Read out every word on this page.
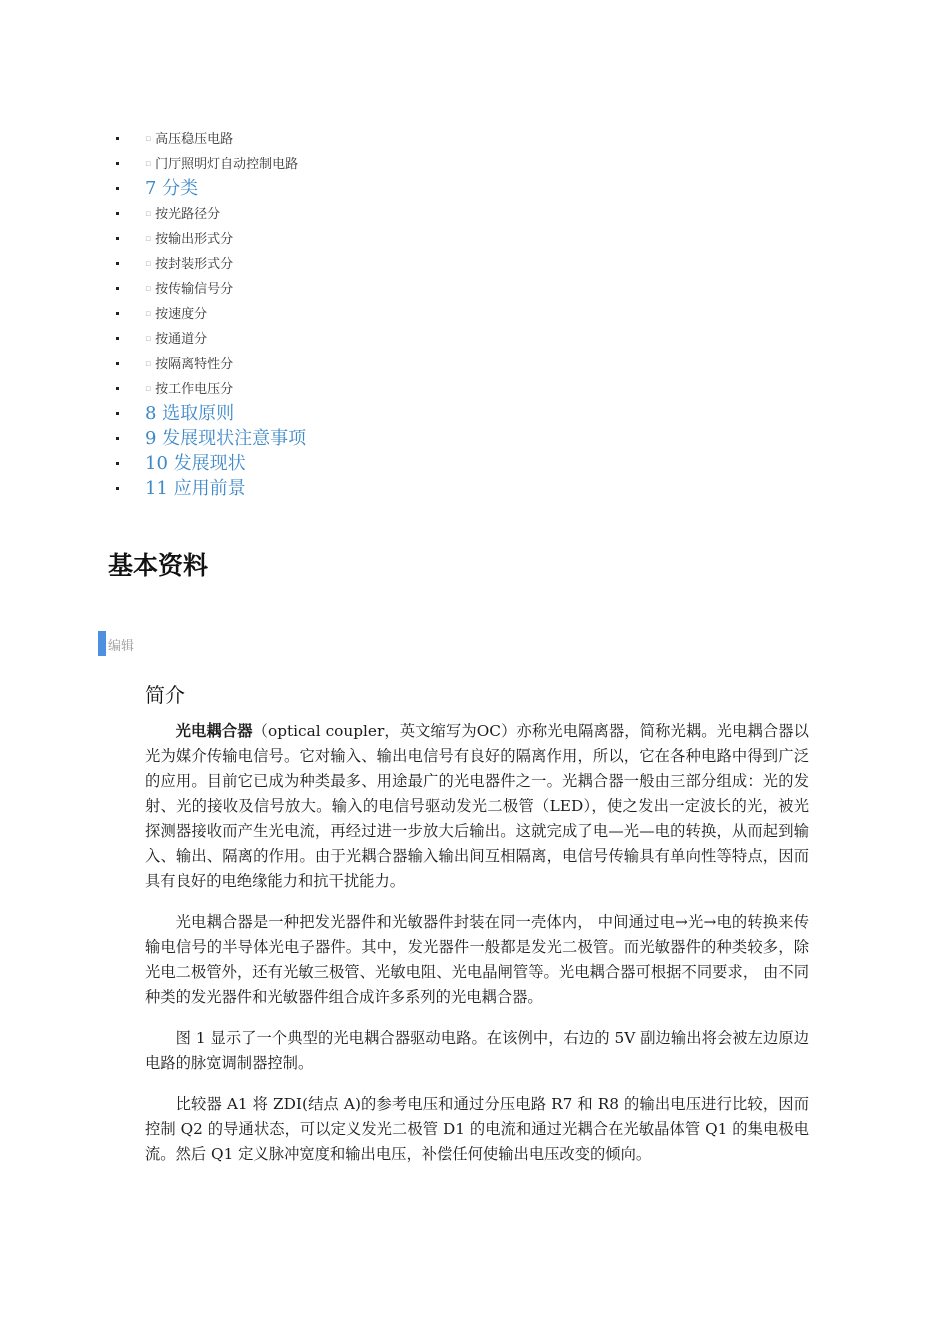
▫ 高压稳压电路
▫ 门厅照明灯自动控制电路
7 分类
▫ 按光路径分
▫ 按输出形式分
▫ 按封装形式分
▫ 按传输信号分
▫ 按速度分
▫ 按通道分
▫ 按隔离特性分
▫ 按工作电压分
8 选取原则
9 发展现状注意事项
10 发展现状
11 应用前景
基本资料
编辑
简介

光电耦合器（optical coupler，英文缩写为OC）亦称光电隔离器，简称光耦。光电耦合器以光为媒介传输电信号。它对输入、输出电信号有良好的隔离作用，所以，它在各种电路中得到广泛的应用。目前它已成为种类最多、用途最广的光电器件之一。光耦合器一般由三部分组成：光的发射、光的接收及信号放大。输入的电信号驱动发光二极管（LED），使之发出一定波长的光，被光探测器接收而产生光电流，再经过进一步放大后输出。这就完成了电—光—电的转换，从而起到输入、输出、隔离的作用。由于光耦合器输入输出间互相隔离，电信号传输具有单向性等特点，因而具有良好的电绝缘能力和抗干扰能力。

光电耦合器是一种把发光器件和光敏器件封装在同一壳体内， 中间通过电→光→电的转换来传输电信号的半导体光电子器件。其中，发光器件一般都是发光二极管。而光敏器件的种类较多，除光电二极管外，还有光敏三极管、光敏电阻、光电晶闸管等。光电耦合器可根据不同要求， 由不同种类的发光器件和光敏器件组合成许多系列的光电耦合器。

图 1 显示了一个典型的光电耦合器驱动电路。在该例中，右边的 5V 副边输出将会被左边原边电路的脉宽调制器控制。

比较器 A1 将 ZDI(结点 A)的参考电压和通过分压电路 R7 和 R8 的输出电压进行比较，因而控制 Q2 的导通状态，可以定义发光二极管 D1 的电流和通过光耦合在光敏晶体管 Q1 的集电极电流。然后 Q1 定义脉冲宽度和输出电压，补偿任何使输出电压改变的倾向。
